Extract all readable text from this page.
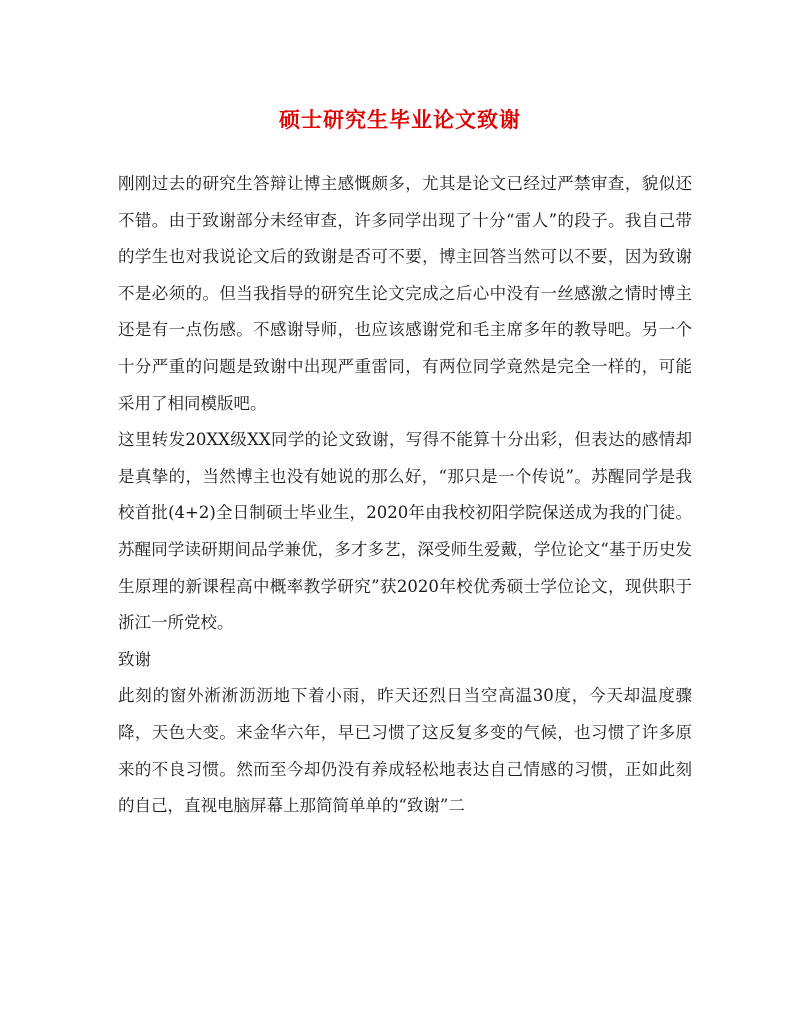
硕士研究生毕业论文致谢

刚刚过去的研究生答辩让博主感慨颇多，尤其是论文已经过严禁审查，貌似还不错。由于致谢部分未经审查，许多同学出现了十分“雷人”的段子。我自己带的学生也对我说论文后的致谢是否可不要，博主回答当然可以不要，因为致谢不是必须的。但当我指导的研究生论文完成之后心中没有一丝感激之情时博主还是有一点伤感。不感谢导师，也应该感谢党和毛主席多年的教导吧。另一个十分严重的问题是致谢中出现严重雷同，有两位同学竟然是完全一样的，可能采用了相同模版吧。

这里转发20XX级XX同学的论文致谢，写得不能算十分出彩，但表达的感情却是真挚的，当然博主也没有她说的那么好，“那只是一个传说”。苏醒同学是我校首批(4+2)全日制硕士毕业生，2020年由我校初阳学院保送成为我的门徒。苏醒同学读研期间品学兼优，多才多艺，深受师生爱戴，学位论文“基于历史发生原理的新课程高中概率教学研究”获2020年校优秀硕士学位论文，现供职于浙江一所党校。

致谢

此刻的窗外淅淅沥沥地下着小雨，昨天还烈日当空高温30度，今天却温度骤降，天色大变。来金华六年，早已习惯了这反复多变的气候，也习惯了许多原来的不良习惯。然而至今却仍没有养成轻松地表达自己情感的习惯，正如此刻的自己，直视电脑屏幕上那简简单单的“致谢”二
